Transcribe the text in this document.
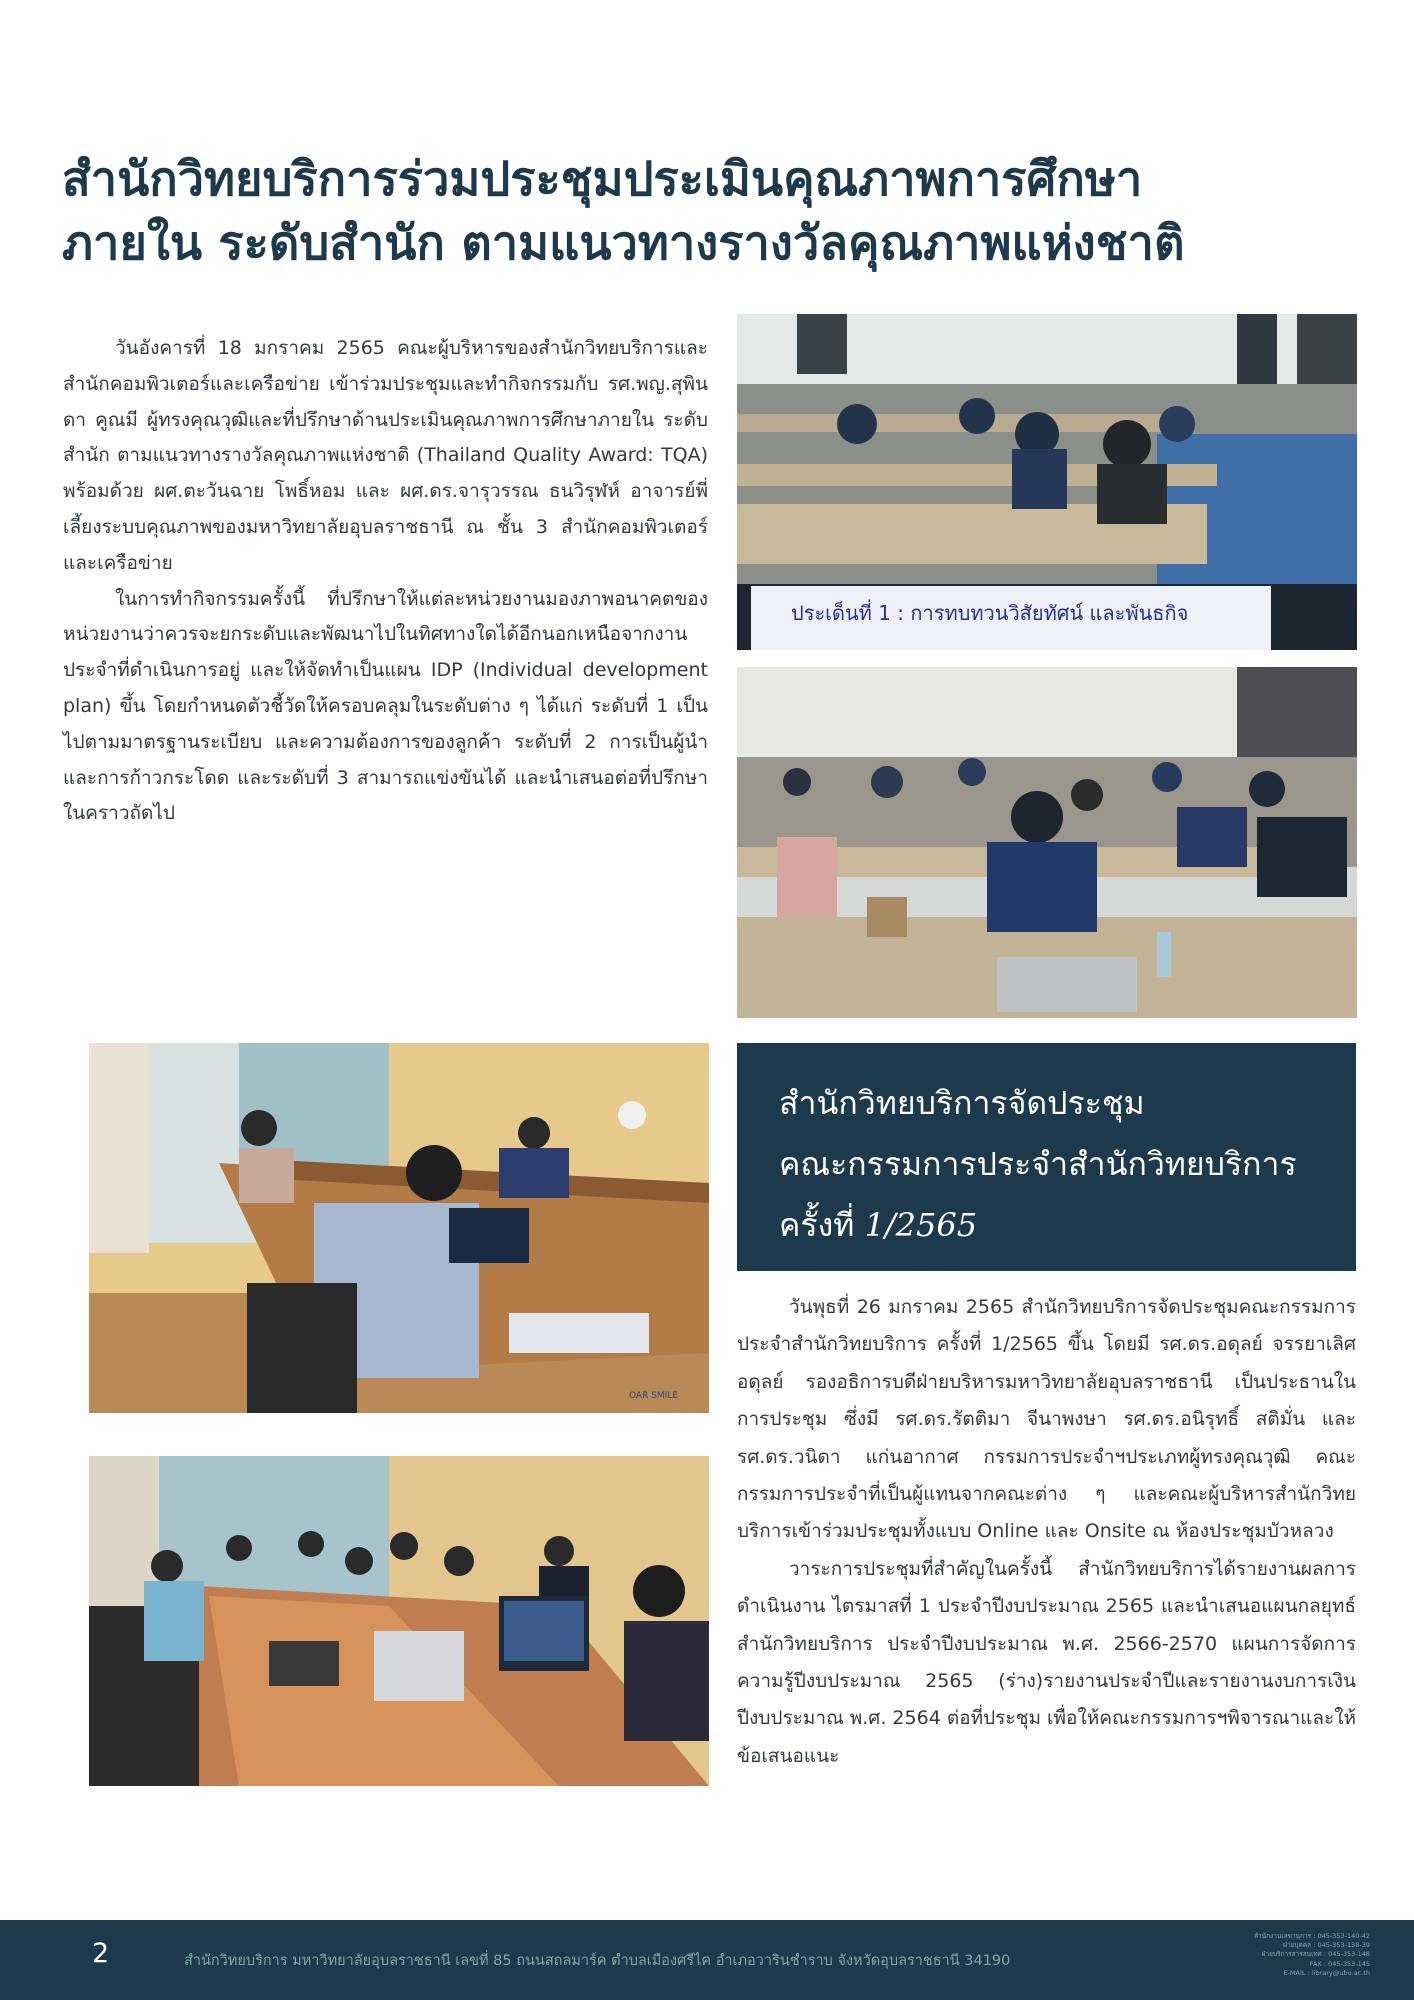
สำนักวิทยบริการร่วมประชุมประเมินคุณภาพการศึกษา
ภายใน ระดับสำนัก ตามแนวทางรางวัลคุณภาพแห่งชาติ

วันอังคารที่ 18 มกราคม 2565 คณะผู้บริหารของสำนักวิทยบริการและสำนักคอมพิวเตอร์และเครือข่าย เข้าร่วมประชุมและทำกิจกรรมกับ รศ.พญ.สุพินดา คูณมี ผู้ทรงคุณวุฒิและที่ปรึกษาด้านประเมินคุณภาพการศึกษาภายใน ระดับสำนัก ตามแนวทางรางวัลคุณภาพแห่งชาติ (Thailand Quality Award: TQA) พร้อมด้วย ผศ.ตะวันฉาย โพธิ์หอม และ ผศ.ดร.จารุวรรณ ธนวิรุฬห์ อาจารย์พี่เลี้ยงระบบคุณภาพของมหาวิทยาลัยอุบลราชธานี ณ ชั้น 3 สำนักคอมพิวเตอร์และเครือข่าย

ในการทำกิจกรรมครั้งนี้ ที่ปรึกษาให้แต่ละหน่วยงานมองภาพอนาคตของหน่วยงานว่าควรจะยกระดับและพัฒนาไปในทิศทางใดได้อีกนอกเหนือจากงานประจำที่ดำเนินการอยู่ และให้จัดทำเป็นแผน IDP (Individual development plan) ขึ้น โดยกำหนดตัวชี้วัดให้ครอบคลุมในระดับต่าง ๆ ได้แก่ ระดับที่ 1 เป็นไปตามมาตรฐานระเบียบ และความต้องการของลูกค้า ระดับที่ 2 การเป็นผู้นำและการก้าวกระโดด และระดับที่ 3 สามารถแข่งขันได้ และนำเสนอต่อที่ปรึกษาในคราวถัดไป

ประเด็นที่ 1 : การทบทวนวิสัยทัศน์ และพันธกิจ
OAR SMILE
สำนักวิทยบริการจัดประชุม
คณะกรรมการประจำสำนักวิทยบริการ
ครั้งที่ 1/2565

วันพุธที่ 26 มกราคม 2565 สำนักวิทยบริการจัดประชุมคณะกรรมการประจำสำนักวิทยบริการ ครั้งที่ 1/2565 ขึ้น โดยมี รศ.ดร.อดุลย์ จรรยาเลิศอดุลย์ รองอธิการบดีฝ่ายบริหารมหาวิทยาลัยอุบลราชธานี เป็นประธานในการประชุม ซึ่งมี รศ.ดร.รัตติมา จีนาพงษา รศ.ดร.อนิรุทธิ์ สติมั่น และ รศ.ดร.วนิดา แก่นอากาศ กรรมการประจำฯประเภทผู้ทรงคุณวุฒิ คณะกรรมการประจำที่เป็นผู้แทนจากคณะต่าง ๆ และคณะผู้บริหารสำนักวิทยบริการเข้าร่วมประชุมทั้งแบบ Online และ Onsite ณ ห้องประชุมบัวหลวง

วาระการประชุมที่สำคัญในครั้งนี้ สำนักวิทยบริการได้รายงานผลการดำเนินงาน ไตรมาสที่ 1 ประจำปีงบประมาณ 2565 และนำเสนอแผนกลยุทธ์สำนักวิทยบริการ ประจำปีงบประมาณ พ.ศ. 2566-2570 แผนการจัดการความรู้ปีงบประมาณ 2565 (ร่าง)รายงานประจำปีและรายงานงบการเงิน ปีงบประมาณ พ.ศ. 2564 ต่อที่ประชุม เพื่อให้คณะกรรมการฯพิจารณาและให้ข้อเสนอแนะ

2	สำนักวิทยบริการ มหาวิทยาลัยอุบลราชธานี เลขที่ 85 ถนนสถลมาร์ค ตำบลเมืองศรีไค อำเภอวารินชำราบ จังหวัดอุบลราชธานี 34190
สำนักงานเลขานุการ : 045-353-140-42
ฝ่ายบุคคล : 045-353-138-39
ฝ่ายบริการสารสนเทศ : 045-353-148
FAX : 045-353-145
E-MAIL : library@ubu.ac.th
